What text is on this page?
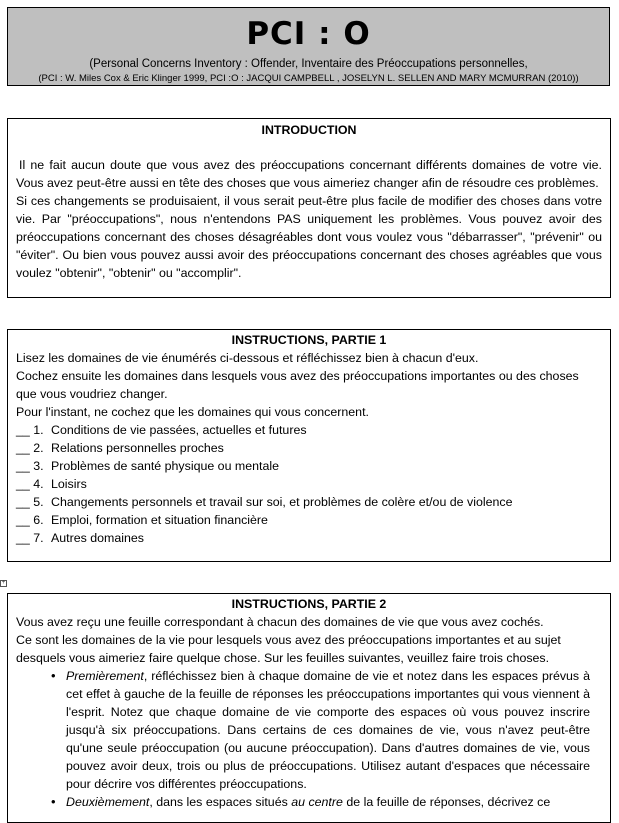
PCI : O
(Personal Concerns Inventory : Offender, Inventaire des Préoccupations personnelles,
(PCI : W. Miles Cox & Eric Klinger 1999, PCI :O : JACQUI CAMPBELL , JOSELYN L. SELLEN AND MARY MCMURRAN (2010))
INTRODUCTION

Il ne fait aucun doute que vous avez des préoccupations concernant différents domaines de votre vie. Vous avez peut-être aussi en tête des choses que vous aimeriez changer afin de résoudre ces problèmes.

Si ces changements se produisaient, il vous serait peut-être plus facile de modifier des choses dans votre vie. Par "préoccupations", nous n'entendons PAS uniquement les problèmes. Vous pouvez avoir des préoccupations concernant des choses désagréables dont vous voulez vous "débarrasser", "prévenir" ou "éviter". Ou bien vous pouvez aussi avoir des préoccupations concernant des choses agréables que vous voulez "obtenir", "obtenir" ou "accomplir".

INSTRUCTIONS, PARTIE 1

Lisez les domaines de vie énumérés ci-dessous et réfléchissez bien à chacun d'eux.

Cochez ensuite les domaines dans lesquels vous avez des préoccupations importantes ou des choses que vous voudriez changer.

Pour l'instant, ne cochez que les domaines qui vous concernent.

__ 1. Conditions de vie passées, actuelles et futures
__ 2. Relations personnelles proches
__ 3. Problèmes de santé physique ou mentale
__ 4. Loisirs
__ 5. Changements personnels et travail sur soi, et problèmes de colère et/ou de violence
__ 6. Emploi, formation et situation financière
__ 7. Autres domaines
+
INSTRUCTIONS, PARTIE 2

Vous avez reçu une feuille correspondant à chacun des domaines de vie que vous avez cochés.

Ce sont les domaines de la vie pour lesquels vous avez des préoccupations importantes et au sujet desquels vous aimeriez faire quelque chose. Sur les feuilles suivantes, veuillez faire trois choses.

• Premièrement, réfléchissez bien à chaque domaine de vie et notez dans les espaces prévus à cet effet à gauche de la feuille de réponses les préoccupations importantes qui vous viennent à l'esprit. Notez que chaque domaine de vie comporte des espaces où vous pouvez inscrire jusqu'à six préoccupations. Dans certains de ces domaines de vie, vous n'avez peut-être qu'une seule préoccupation (ou aucune préoccupation). Dans d'autres domaines de vie, vous pouvez avoir deux, trois ou plus de préoccupations. Utilisez autant d'espaces que nécessaire pour décrire vos différentes préoccupations.
• Deuxièmement, dans les espaces situés au centre de la feuille de réponses, décrivez ce
